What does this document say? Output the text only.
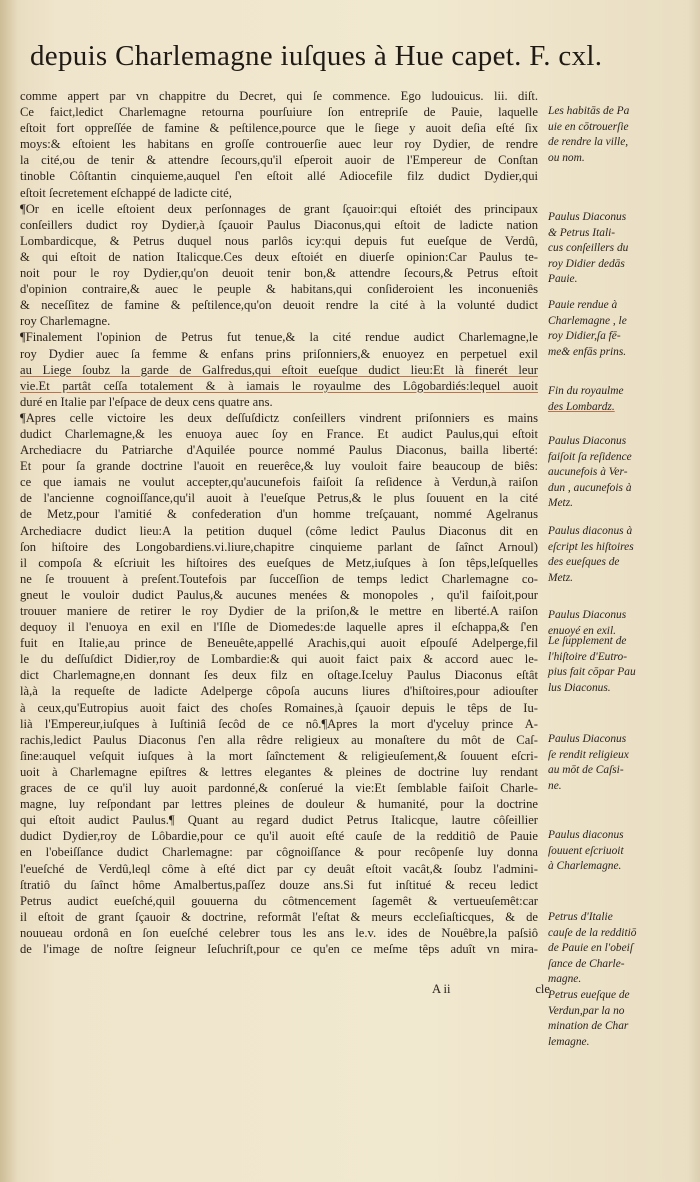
depuis Charlemagne iuſques à Hue capet. F. cxl.
comme appert par vn chappitre du Decret, qui ſe commence. Ego ludouicus. lii. diſt.
Ce faict,ledict Charlemagne retourna pourſuiure ſon entrepriſe de Pauie, laquelle
eſtoit fort oppreſſée de famine & peſtilence,pource que le ſiege y auoit deſia eſté ſix
moys:& eſtoient les habitans en groſſe controuerſie auec leur roy Dydier, de rendre
la cité,ou de tenir & attendre ſecours,qu'il eſperoit auoir de l'Empereur de Conſtan
tinoble Côſtantin cinquieme,auquel ſ'en eſtoit allé Adiocefile filz dudict Dydier,qui
eſtoit ſecretement eſchappé de ladicte cité,
¶Or en icelle eſtoient deux perſonnages de grant ſçauoir:qui eſtoiét des principaux
conſeillers dudict roy Dydier,à ſçauoir Paulus Diaconus,qui eſtoit de ladicte nation
Lombardicque, & Petrus duquel nous parlôs icy:qui depuis fut eueſque de Verdû,
& qui eſtoit de nation Italicque.Ces deux eſtoiét en diuerſe opinion:Car Paulus te-
noit pour le roy Dydier,qu'on deuoit tenir bon,& attendre ſecours,& Petrus eſtoit
d'opinion contraire,& auec le peuple & habitans,qui conſideroient les inconueniês
& neceſſitez de famine & peſtilence,qu'on deuoit rendre la cité à la volunté dudict
roy Charlemagne.
¶Finalement l'opinion de Petrus fut tenue,& la cité rendue audict Charlemagne,le
roy Dydier auec ſa femme & enfans prins priſonniers,& enuoyez en perpetuel exil
au Liege ſoubz la garde de Galfredus,qui eſtoit eueſque dudict lieu:Et là finerét leur
vie.Et partât ceſſa totalement & à iamais le royaulme des Lôgobardiés:lequel auoit
duré en Italie par l'eſpace de deux cens quatre ans.
¶Apres celle victoire les deux deſſuſdictz conſeillers vindrent priſonniers es mains
dudict Charlemagne,& les enuoya auec ſoy en France. Et audict Paulus,qui eſtoit
Archediacre du Patriarche d'Aquilée pource nommé Paulus Diaconus, bailla liberté:
Et pour ſa grande doctrine l'auoit en reuerêce,& luy vouloit faire beaucoup de biês:
ce que iamais ne voulut accepter,qu'aucunefois faiſoit ſa reſidence à Verdun,à raiſon
de l'ancienne cognoiſſance,qu'il auoit à l'eueſque Petrus,& le plus ſouuent en la cité
de Metz,pour l'amitié & confederation d'un homme treſçauant, nommé Agelranus
Archediacre dudict lieu:A la petition duquel (côme ledict Paulus Diaconus dit en
ſon hiſtoire des Longobardiens.vi.liure,chapitre cinquieme parlant de ſaînct Arnoul)
il compoſa & eſcriuit les hiſtoires des eueſques de Metz,iuſques à ſon têps,leſquelles
ne ſe trouuent à preſent.Toutefois par ſucceſſion de temps ledict Charlemagne co-
gneut le vouloir dudict Paulus,& aucunes menées & monopoles , qu'il faiſoit,pour
trouuer maniere de retirer le roy Dydier de la priſon,& le mettre en liberté.A raiſon
dequoy il l'enuoya en exil en l'Iſle de Diomedes:de laquelle apres il eſchappa,& ſ'en
fuit en Italie,au prince de Beneuête,appellé Arachis,qui auoit eſpouſé Adelperge,fil
le du deſſuſdict Didier,roy de Lombardie:& qui auoit faict paix & accord auec le-
dict Charlemagne,en donnant ſes deux filz en oſtage.Iceluy Paulus Diaconus eſtât
là,à la requeſte de ladicte Adelperge côpoſa aucuns liures d'hiſtoires,pour adiouſter
à ceux,qu'Eutropius auoit faict des choſes Romaines,à ſçauoir depuis le têps de Iu-
lià l'Empereur,iuſques à Iuſtiniâ ſecôd de ce nô.¶Apres la mort d'yceluy prince A-
rachis,ledict Paulus Diaconus ſ'en alla rêdre religieux au monaſtere du môt de Caſ-
ſine:auquel veſquit iuſques à la mort ſaînctement & religieuſement,& ſouuent eſcri-
uoit à Charlemagne epiſtres & lettres elegantes & pleines de doctrine luy rendant
graces de ce qu'il luy auoit pardonné,& conſerué la vie:Et ſemblable faiſoit Charle-
magne, luy reſpondant par lettres pleines de douleur & humanité, pour la doctrine
qui eſtoit audict Paulus.¶ Quant au regard dudict Petrus Italicque, lautre côſeillier
dudict Dydier,roy de Lôbardie,pour ce qu'il auoit eſté cauſe de la redditiô de Pauie
en l'obeiſſance dudict Charlemagne: par côgnoiſſance & pour recôpenſe luy donna
l'eueſché de Verdû,leql côme à eſté dict par cy deuât eſtoit vacât,& ſoubz l'admini-
ſtratiô du ſaînct hôme Amalbertus,paſſez douze ans.Si fut inſtitué & receu ledict
Petrus audict eueſché,quil gouuerna du côtmencement ſagemêt & vertueuſemêt:car
il eſtoit de grant ſçauoir & doctrine, reformât l'eſtat & meurs eccleſiaſticques, & de
nouueau ordonâ en ſon eueſché celebrer tous les ans le.v. ides de Nouêbre,la paſsiô
de l'image de noſtre ſeigneur Ieſuchriſt,pour ce qu'en ce meſme têps aduît vn mira-
Les habitās de Pa
uie en cōtrouerſie
de rendre la ville,
ou nom.
Paulus Diaconus
& Petrus Itali-
cus conſeillers du
roy Didier dedās
Pauie.
Pauie rendue à
Charlemagne , le
roy Didier,ſa fē-
me& enfās prins.
Fin du royaulme
des Lombardz.
Paulus Diaconus
faiſoit ſa reſidence
aucunefois à Ver-
dun , aucunefois à
Metz.
Paulus diaconus à
eſcript les hiſtoires
des eueſques de
Metz.
Paulus Diaconus
enuoyé en exil.
Le ſupplement de
l'hiſtoire d'Eutro-
pius fait cōpar Pau
lus Diaconus.
Paulus Diaconus
ſe rendit religieux
au mōt de Caſsi-
ne.
Paulus diaconus
ſouuent eſcriuoit
à Charlemagne.
Petrus d'Italie
cauſe de la redditiō
de Pauie en l'obeiſ
ſance de Charle-
magne.
Petrus eueſque de
Verdun,par la no
mination de Char
lemagne.
A ii	cle
